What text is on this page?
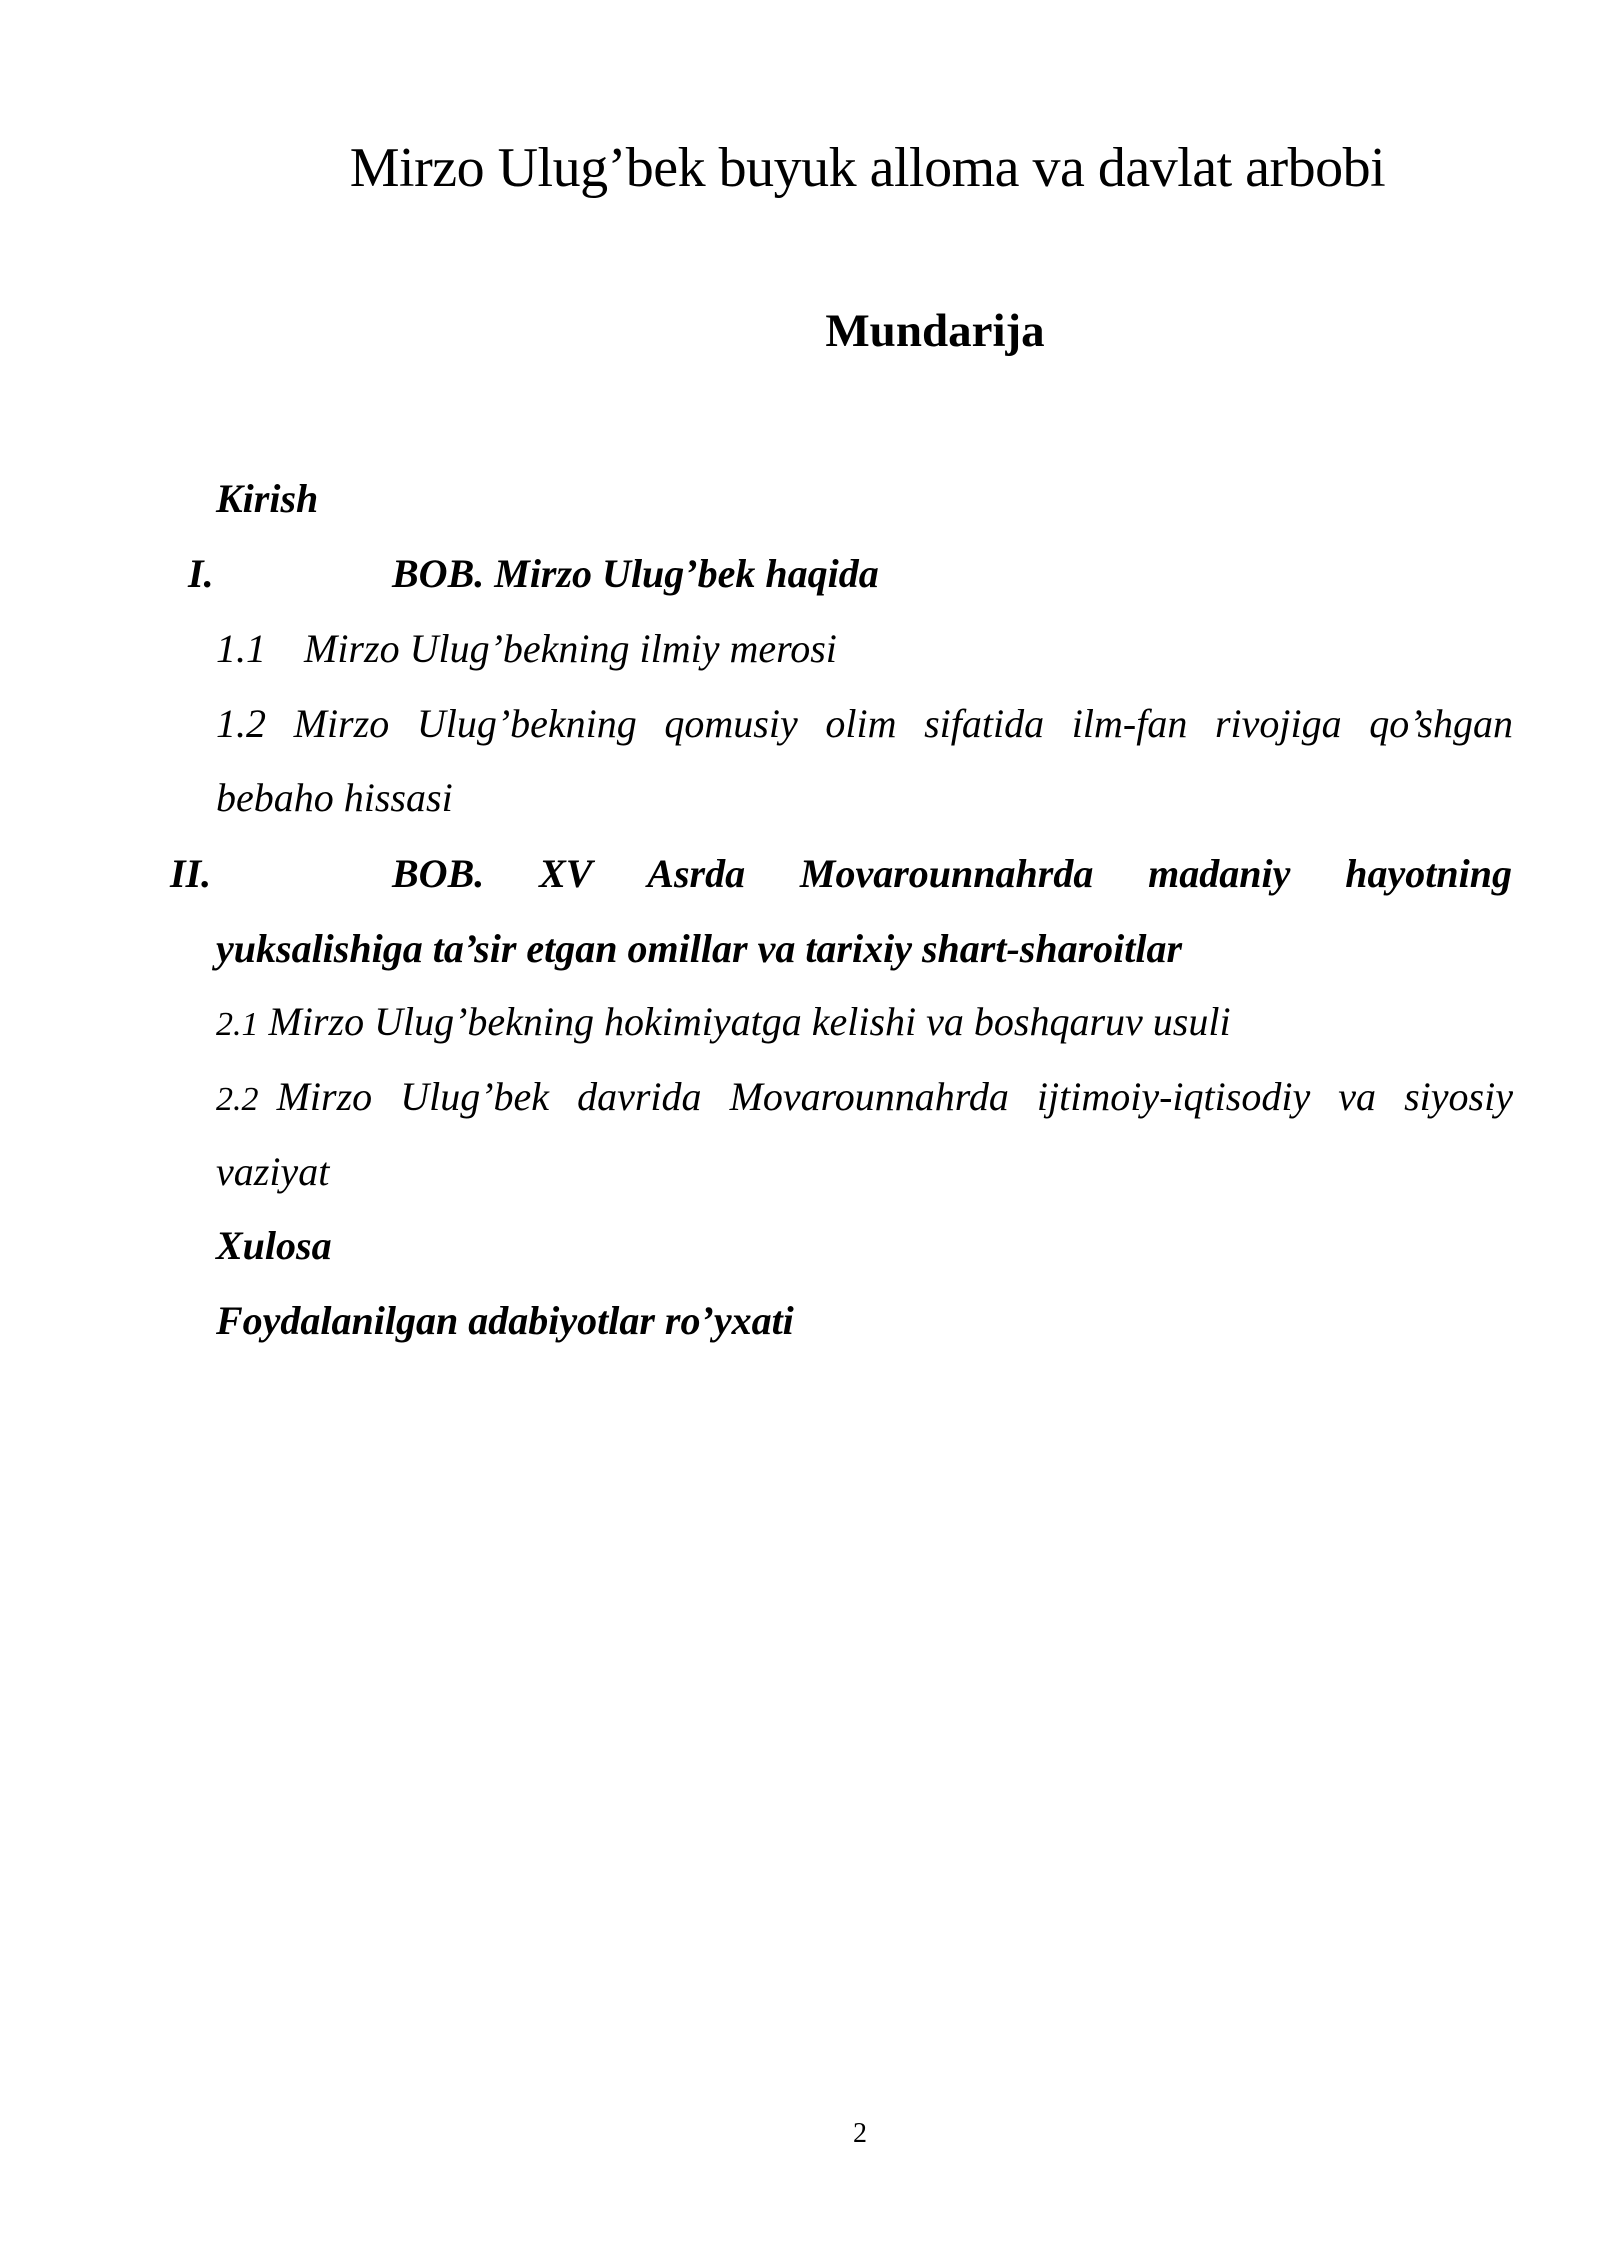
Mirzo Ulug’bek buyuk alloma va davlat arbobi
Mundarija
Kirish
I.	BOB. Mirzo Ulug’bek haqida
1.1 Mirzo Ulug’bekning ilmiy merosi
1.2 Mirzo Ulug’bekning qomusiy olim sifatida ilm-fan rivojiga qo’shgan
bebaho hissasi
II.	BOB. XV Asrda Movarounnahrda madaniy hayotning
yuksalishiga ta’sir etgan omillar va tarixiy shart-sharoitlar
2.1 Mirzo Ulug’bekning hokimiyatga kelishi va boshqaruv usuli
2.2 Mirzo Ulug’bek davrida Movarounnahrda ijtimoiy-iqtisodiy va siyosiy
vaziyat
Xulosa
Foydalanilgan adabiyotlar ro’yxati
2
